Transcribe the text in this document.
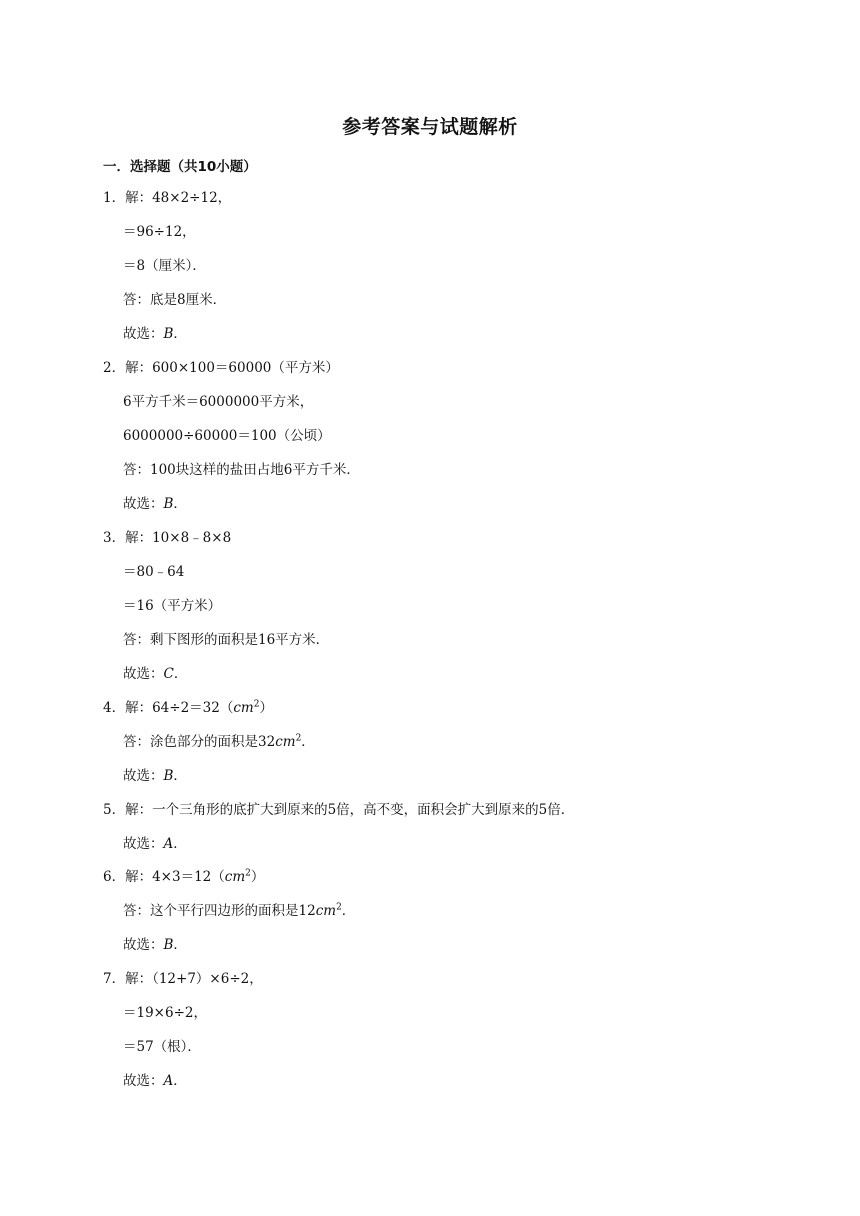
参考答案与试题解析
一．选择题（共10小题）
1．解：48×2÷12，
＝96÷12，
＝8（厘米）．
答：底是8厘米．
故选：B．
2．解：600×100＝60000（平方米）
6平方千米＝6000000平方米，
6000000÷60000＝100（公顷）
答：100块这样的盐田占地6平方千米．
故选：B．
3．解：10×8﹣8×8
＝80﹣64
＝16（平方米）
答：剩下图形的面积是16平方米．
故选：C．
4．解：$64\div 2=32(cm^2)$
答：涂色部分的面积是$32cm^2$．
故选：B．
5．解：一个三角形的底扩大到原来的5倍，高不变，面积会扩大到原来的5倍．
故选：A．
6．解：$4\times 3=12(cm^2)$
答：这个平行四边形的面积是$12cm^2$．
故选：B．
7．解：（12+7）×6÷2，
＝19×6÷2，
＝57（根）．
故选：A．
